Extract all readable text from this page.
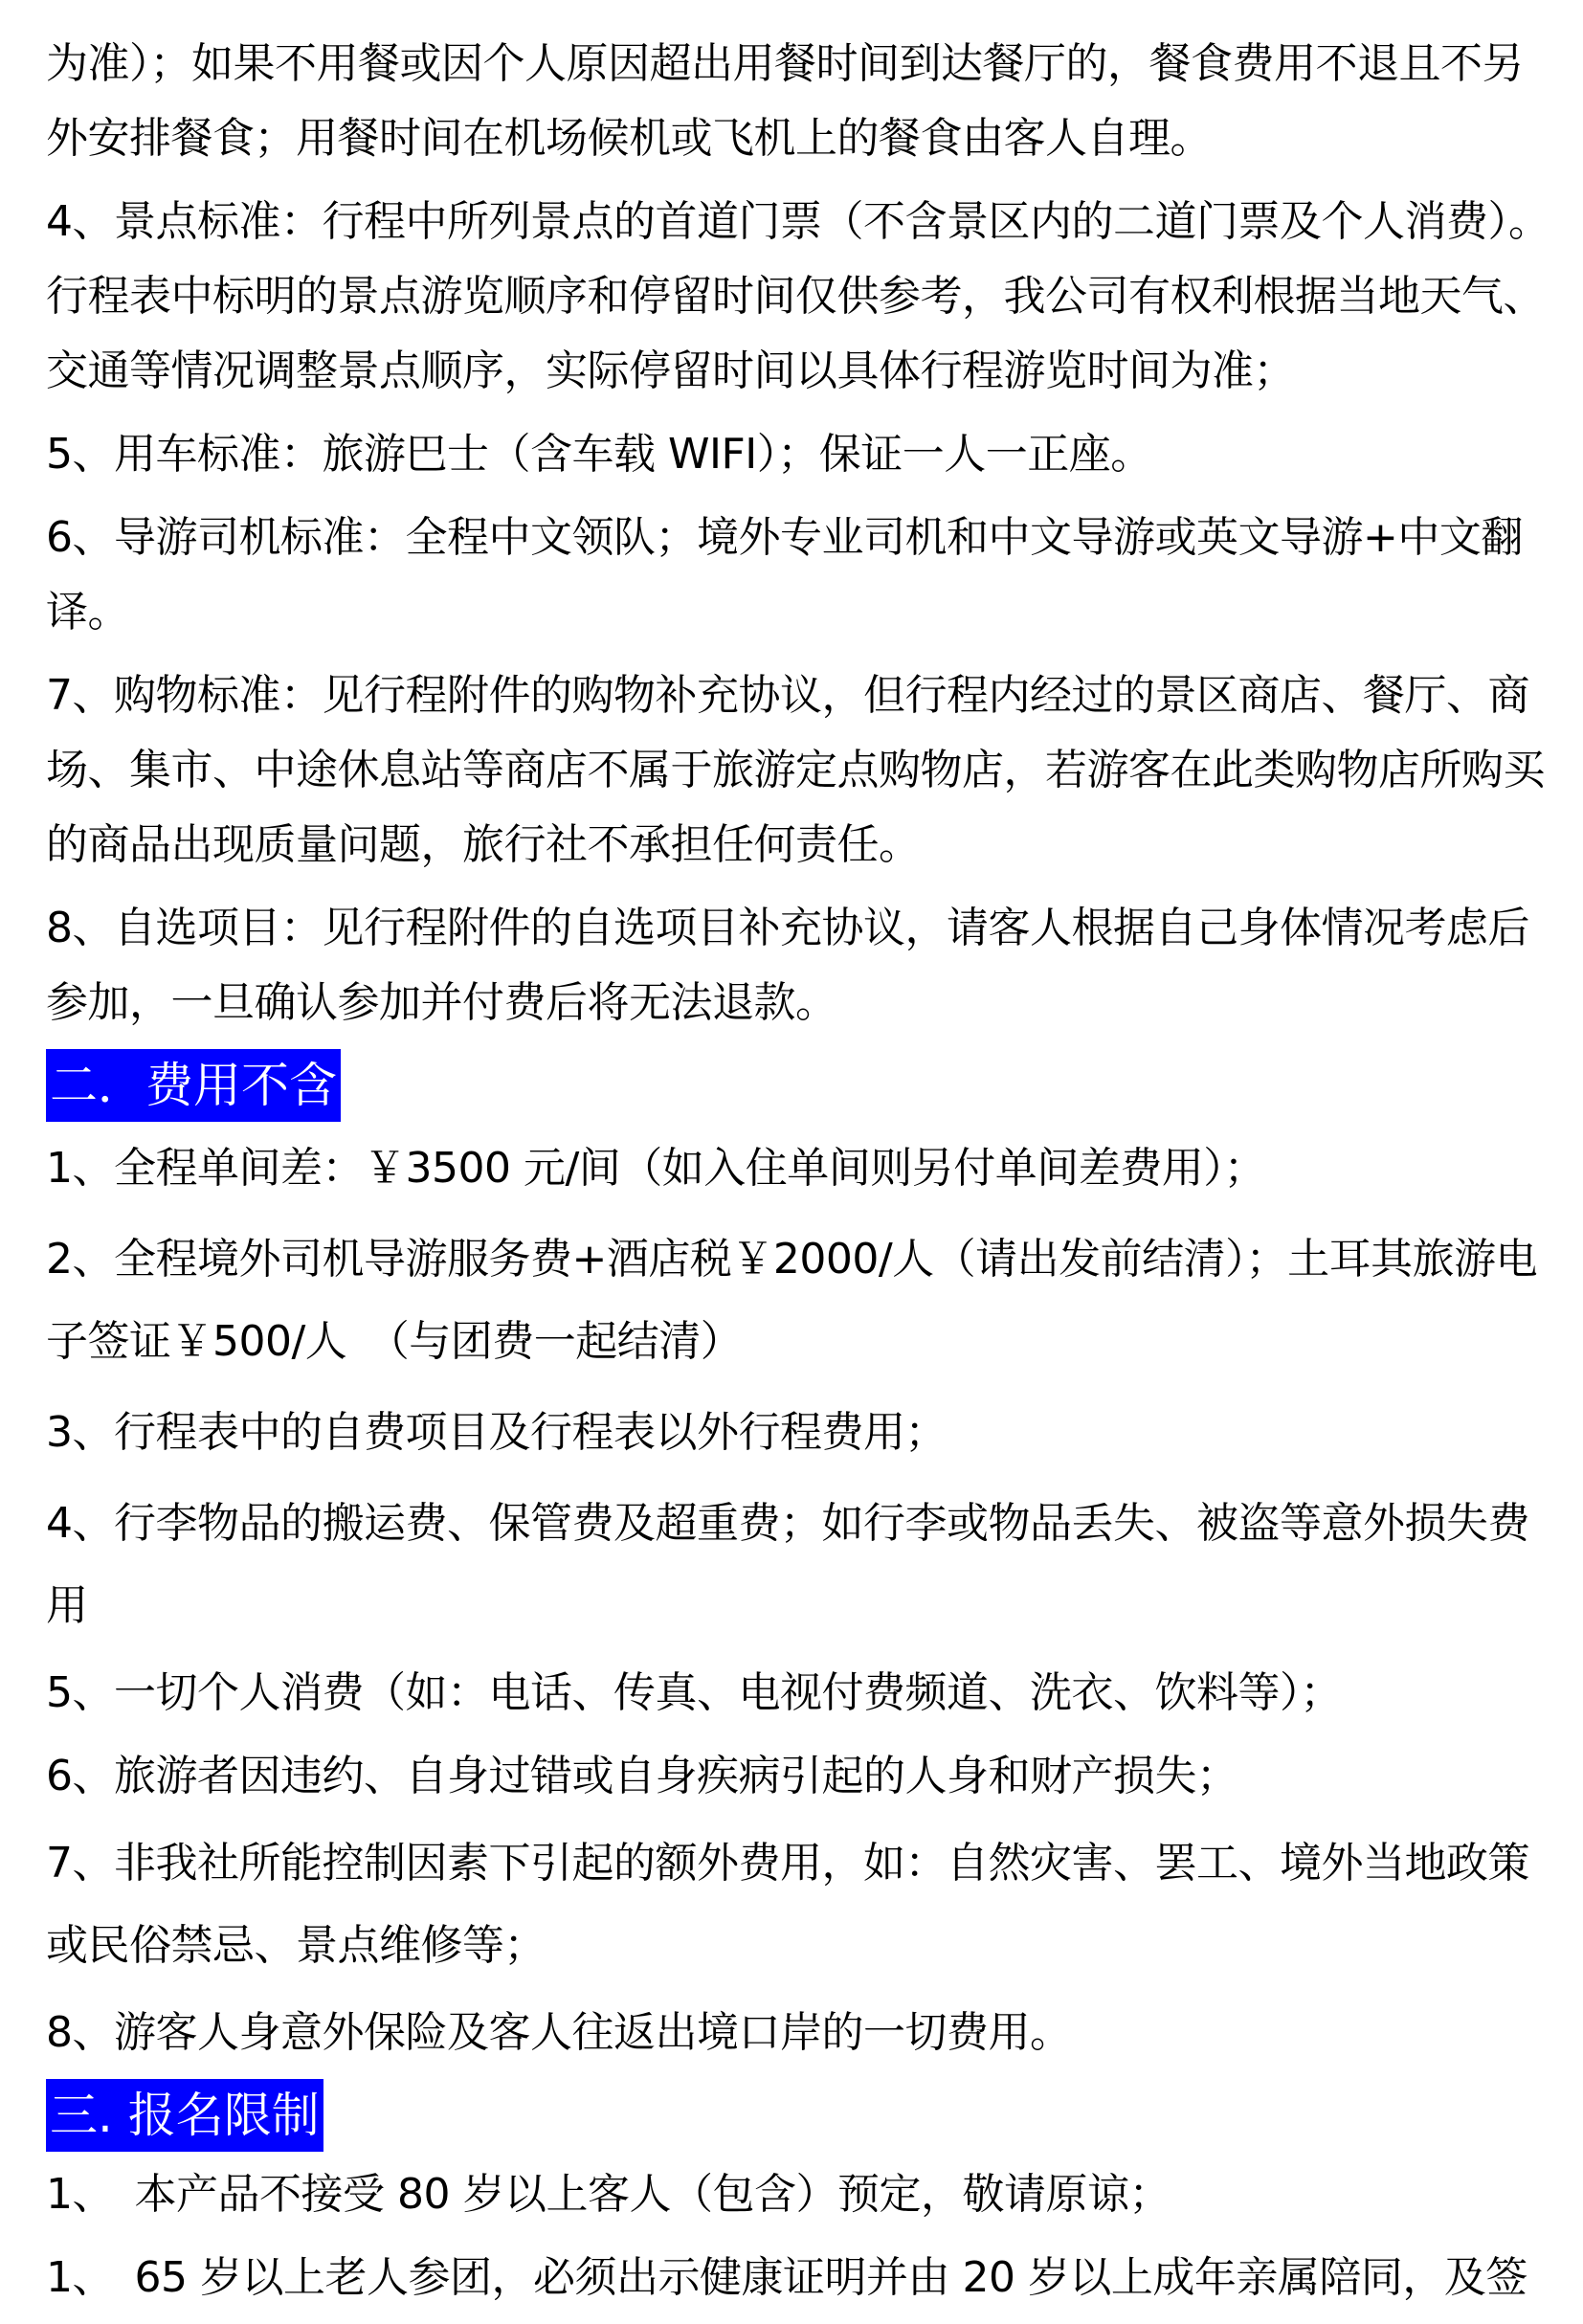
为准）；如果不用餐或因个人原因超出用餐时间到达餐厅的，餐食费用不退且不另外安排餐食；用餐时间在机场候机或飞机上的餐食由客人自理。

4、景点标准：行程中所列景点的首道门票（不含景区内的二道门票及个人消费）。行程表中标明的景点游览顺序和停留时间仅供参考，我公司有权利根据当地天气、交通等情况调整景点顺序，实际停留时间以具体行程游览时间为准；

5、用车标准：旅游巴士（含车载 WIFI）；保证一人一正座。

6、导游司机标准：全程中文领队；境外专业司机和中文导游或英文导游+中文翻译。

7、购物标准：见行程附件的购物补充协议，但行程内经过的景区商店、餐厅、商场、集市、中途休息站等商店不属于旅游定点购物店，若游客在此类购物店所购买的商品出现质量问题，旅行社不承担任何责任。

8、自选项目：见行程附件的自选项目补充协议，请客人根据自己身体情况考虑后参加，一旦确认参加并付费后将无法退款。

二．费用不含

1、全程单间差：￥3500 元/间（如入住单间则另付单间差费用）；

2、全程境外司机导游服务费+酒店税￥2000/人（请出发前结清）；土耳其旅游电子签证￥500/人　（与团费一起结清）

3、行程表中的自费项目及行程表以外行程费用；

4、行李物品的搬运费、保管费及超重费；如行李或物品丢失、被盗等意外损失费用

5、一切个人消费（如：电话、传真、电视付费频道、洗衣、饮料等）；

6、旅游者因违约、自身过错或自身疾病引起的人身和财产损失；

7、非我社所能控制因素下引起的额外费用，如：自然灾害、罢工、境外当地政策或民俗禁忌、景点维修等；

8、游客人身意外保险及客人往返出境口岸的一切费用。

三. 报名限制

1、　本产品不接受 80 岁以上客人（包含）预定，敬请原谅；

1、　65 岁以上老人参团，必须出示健康证明并由 20 岁以上成年亲属陪同，及签
